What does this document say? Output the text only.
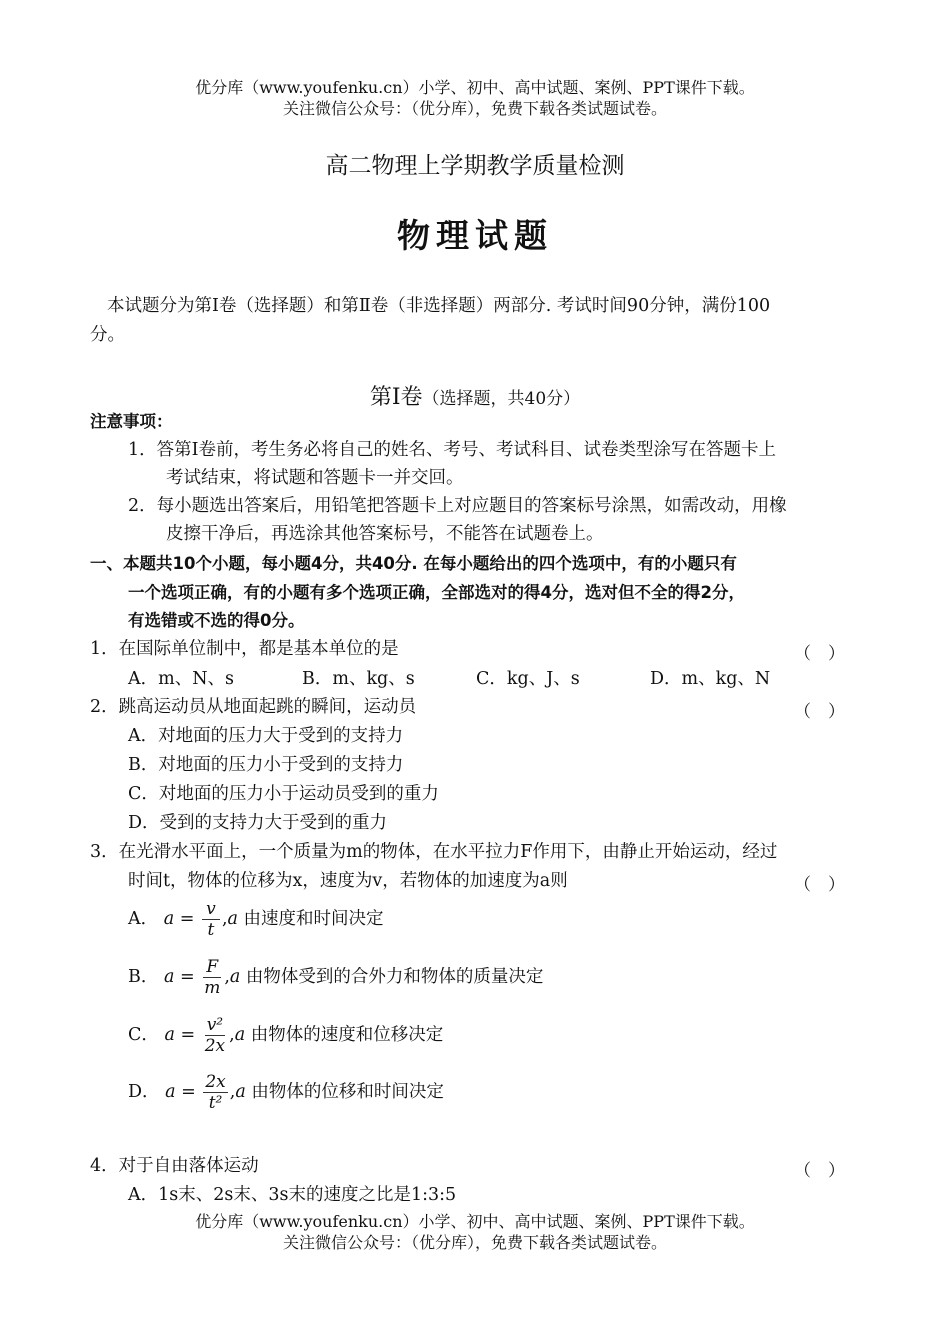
优分库（www.youfenku.cn）小学、初中、高中试题、案例、PPT课件下载。
关注微信公众号：（优分库），免费下载各类试题试卷。
高二物理上学期教学质量检测
物理试题
本试题分为第Ⅰ卷（选择题）和第Ⅱ卷（非选择题）两部分. 考试时间90分钟，满份100
分。
第Ⅰ卷（选择题，共40分）
注意事项：
1．答第I卷前，考生务必将自己的姓名、考号、考试科目、试卷类型涂写在答题卡上
考试结束，将试题和答题卡一并交回。
2．每小题选出答案后，用铅笔把答题卡上对应题目的答案标号涂黑，如需改动，用橡
皮擦干净后，再选涂其他答案标号，不能答在试题卷上。
一、本题共10个小题，每小题4分，共40分. 在每小题给出的四个选项中，有的小题只有
一个选项正确，有的小题有多个选项正确，全部选对的得4分，选对但不全的得2分，
有选错或不选的得0分。
1．在国际单位制中，都是基本单位的是	（　）
A．m、N、s	B．m、kg、s	C．kg、J、s	D．m、kg、N
2．跳高运动员从地面起跳的瞬间，运动员	（　）
A．对地面的压力大于受到的支持力
B．对地面的压力小于受到的支持力
C．对地面的压力小于运动员受到的重力
D．受到的支持力大于受到的重力
3．在光滑水平面上，一个质量为m的物体，在水平拉力F作用下，由静止开始运动，经过
时间t，物体的位移为x，速度为v，若物体的加速度为a则	（　）
A． $a = \frac{v}{t} ,a$ 由速度和时间决定
B． $a = \frac{F}{m} ,a$ 由物体受到的合外力和物体的质量决定
C． $a = \frac{\text{v²}}{2x} ,a$ 由物体的速度和位移决定
D． $a = \frac{2x}{\text{t²}} ,a$ 由物体的位移和时间决定
4．对于自由落体运动	（　）
A．1s末、2s末、3s末的速度之比是1:3:5
优分库（www.youfenku.cn）小学、初中、高中试题、案例、PPT课件下载。
关注微信公众号：（优分库），免费下载各类试题试卷。
